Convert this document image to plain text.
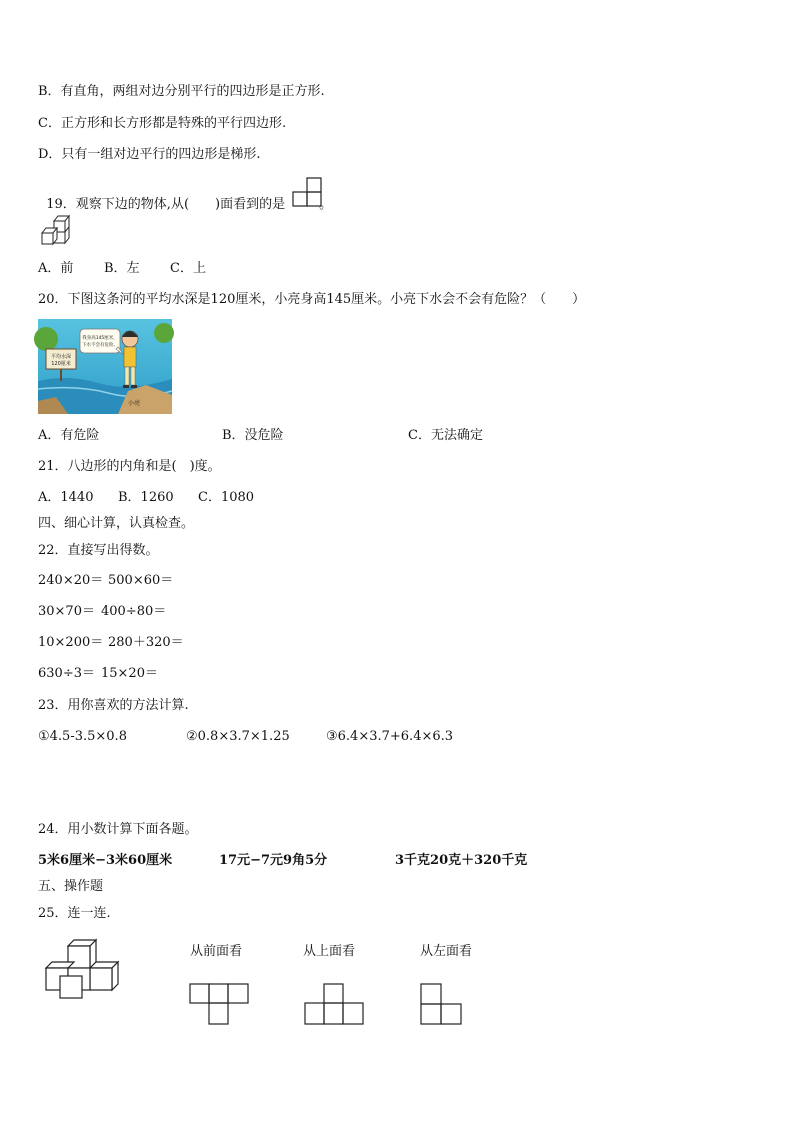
B．有直角，两组对边分别平行的四边形是正方形.
C．正方形和长方形都是特殊的平行四边形.
D．只有一组对边平行的四边形是梯形.

19．观察下边的物体,从(　　)面看到的是	。

A．前 B．左 C．上
20．下图这条河的平均水深是120厘米，小亮身高145厘米。小亮下水会不会有危险？（　　）
平均水深
120厘米
我身高145厘米，
下水不会有危险。
小亮
A．有危险	B．没危险	C．无法确定
21．八边形的内角和是(　)度。
A．1440 B．1260 C．1080
四、细心计算，认真检查。
22．直接写出得数。
240×20＝ 500×60＝
30×70＝ 400÷80＝
10×200＝ 280＋320＝
630÷3＝ 15×20＝
23．用你喜欢的方法计算.
①4.5-3.5×0.8	②0.8×3.7×1.25	③6.4×3.7+6.4×6.3
24．用小数计算下面各题。
5米6厘米−3米60厘米	17元−7元9角5分	3千克20克＋320千克
五、操作题
25．连一连.
从前面看	从上面看	从左面看
